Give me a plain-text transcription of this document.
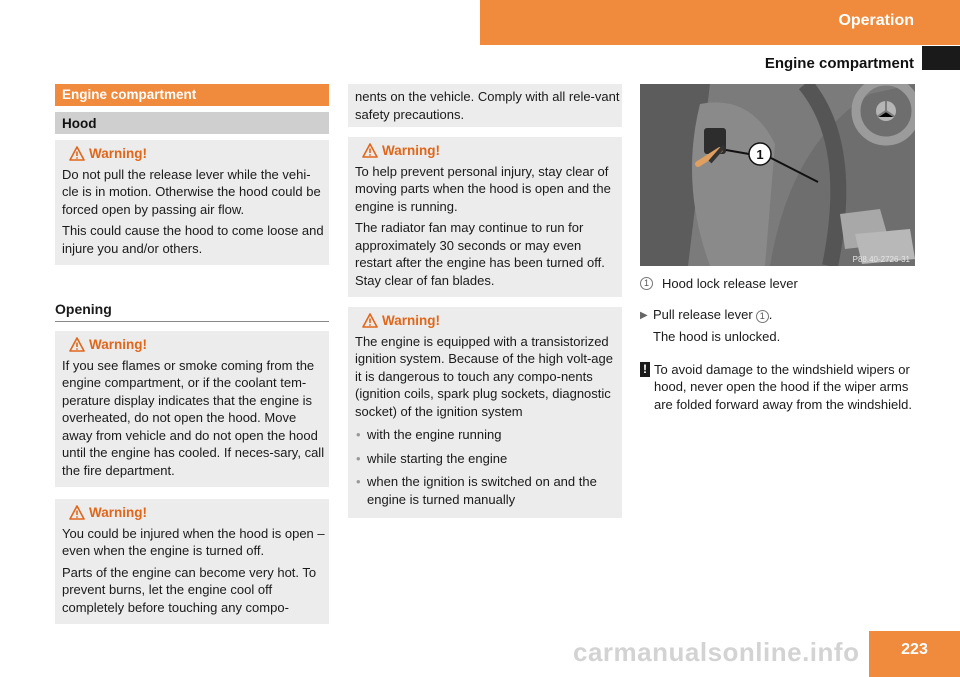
Operation
Engine compartment
Engine compartment
Hood
Warning!

Do not pull the release lever while the vehi-cle is in motion. Otherwise the hood could be forced open by passing air flow.

This could cause the hood to come loose and injure you and/or others.

Opening
Warning!

If you see flames or smoke coming from the engine compartment, or if the coolant tem-perature display indicates that the engine is overheated, do not open the hood. Move away from vehicle and do not open the hood until the engine has cooled. If neces-sary, call the fire department.

Warning!

You could be injured when the hood is open – even when the engine is turned off.

Parts of the engine can become very hot. To prevent burns, let the engine cool off completely before touching any compo-

nents on the vehicle. Comply with all rele-vant safety precautions.
Warning!

To help prevent personal injury, stay clear of moving parts when the hood is open and the engine is running.

The radiator fan may continue to run for approximately 30 seconds or may even restart after the engine has been turned off. Stay clear of fan blades.

Warning!

The engine is equipped with a transistorized ignition system. Because of the high volt-age it is dangerous to touch any compo-nents (ignition coils, spark plug sockets, diagnostic socket) of the ignition system

• with the engine running
• while starting the engine
• when the ignition is switched on and the engine is turned manually
1
P88.40-2726-31
1	Hood lock release lever
▶ Pull release lever 1 .
The hood is unlocked.
! To avoid damage to the windshield wipers or hood, never open the hood if the wiper arms are folded forward away from the windshield.
223
carmanualsonline.info
